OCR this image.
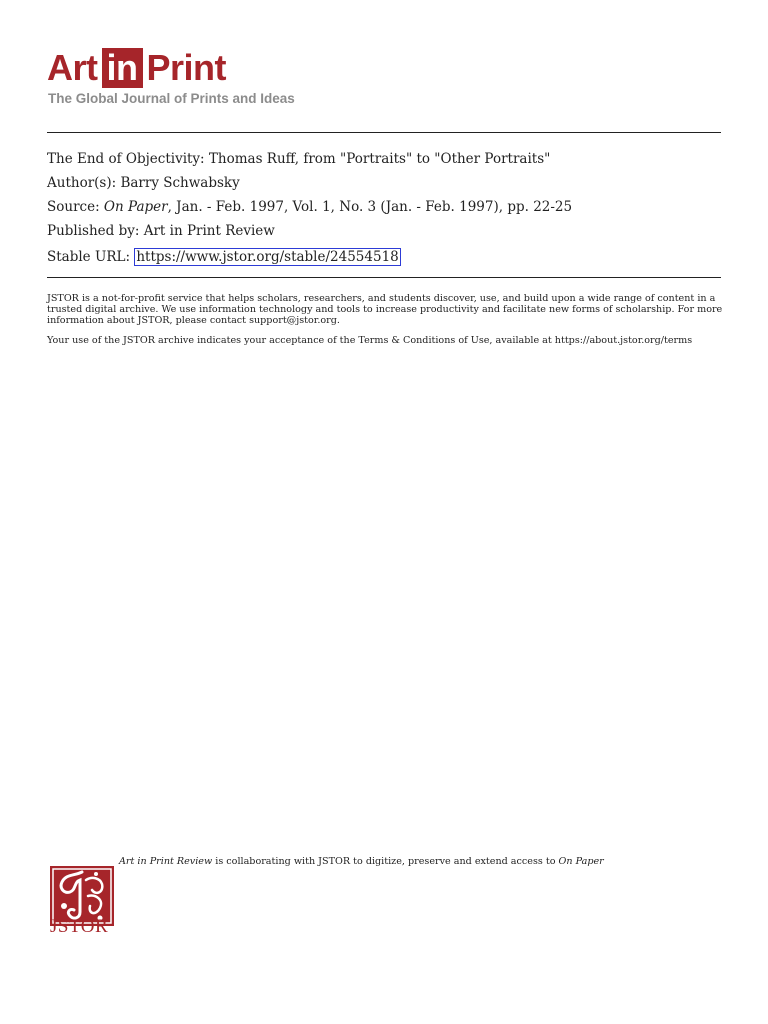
Art in Print
The Global Journal of Prints and Ideas
The End of Objectivity: Thomas Ruff, from "Portraits" to "Other Portraits"
Author(s): Barry Schwabsky
Source: On Paper, Jan. - Feb. 1997, Vol. 1, No. 3 (Jan. - Feb. 1997), pp. 22-25
Published by: Art in Print Review
Stable URL: https://www.jstor.org/stable/24554518
JSTOR is a not-for-profit service that helps scholars, researchers, and students discover, use, and build upon a wide range of content in a trusted digital archive. We use information technology and tools to increase productivity and facilitate new forms of scholarship. For more information about JSTOR, please contact support@jstor.org.
Your use of the JSTOR archive indicates your acceptance of the Terms & Conditions of Use, available at https://about.jstor.org/terms
JSTOR
Art in Print Review is collaborating with JSTOR to digitize, preserve and extend access to On Paper
